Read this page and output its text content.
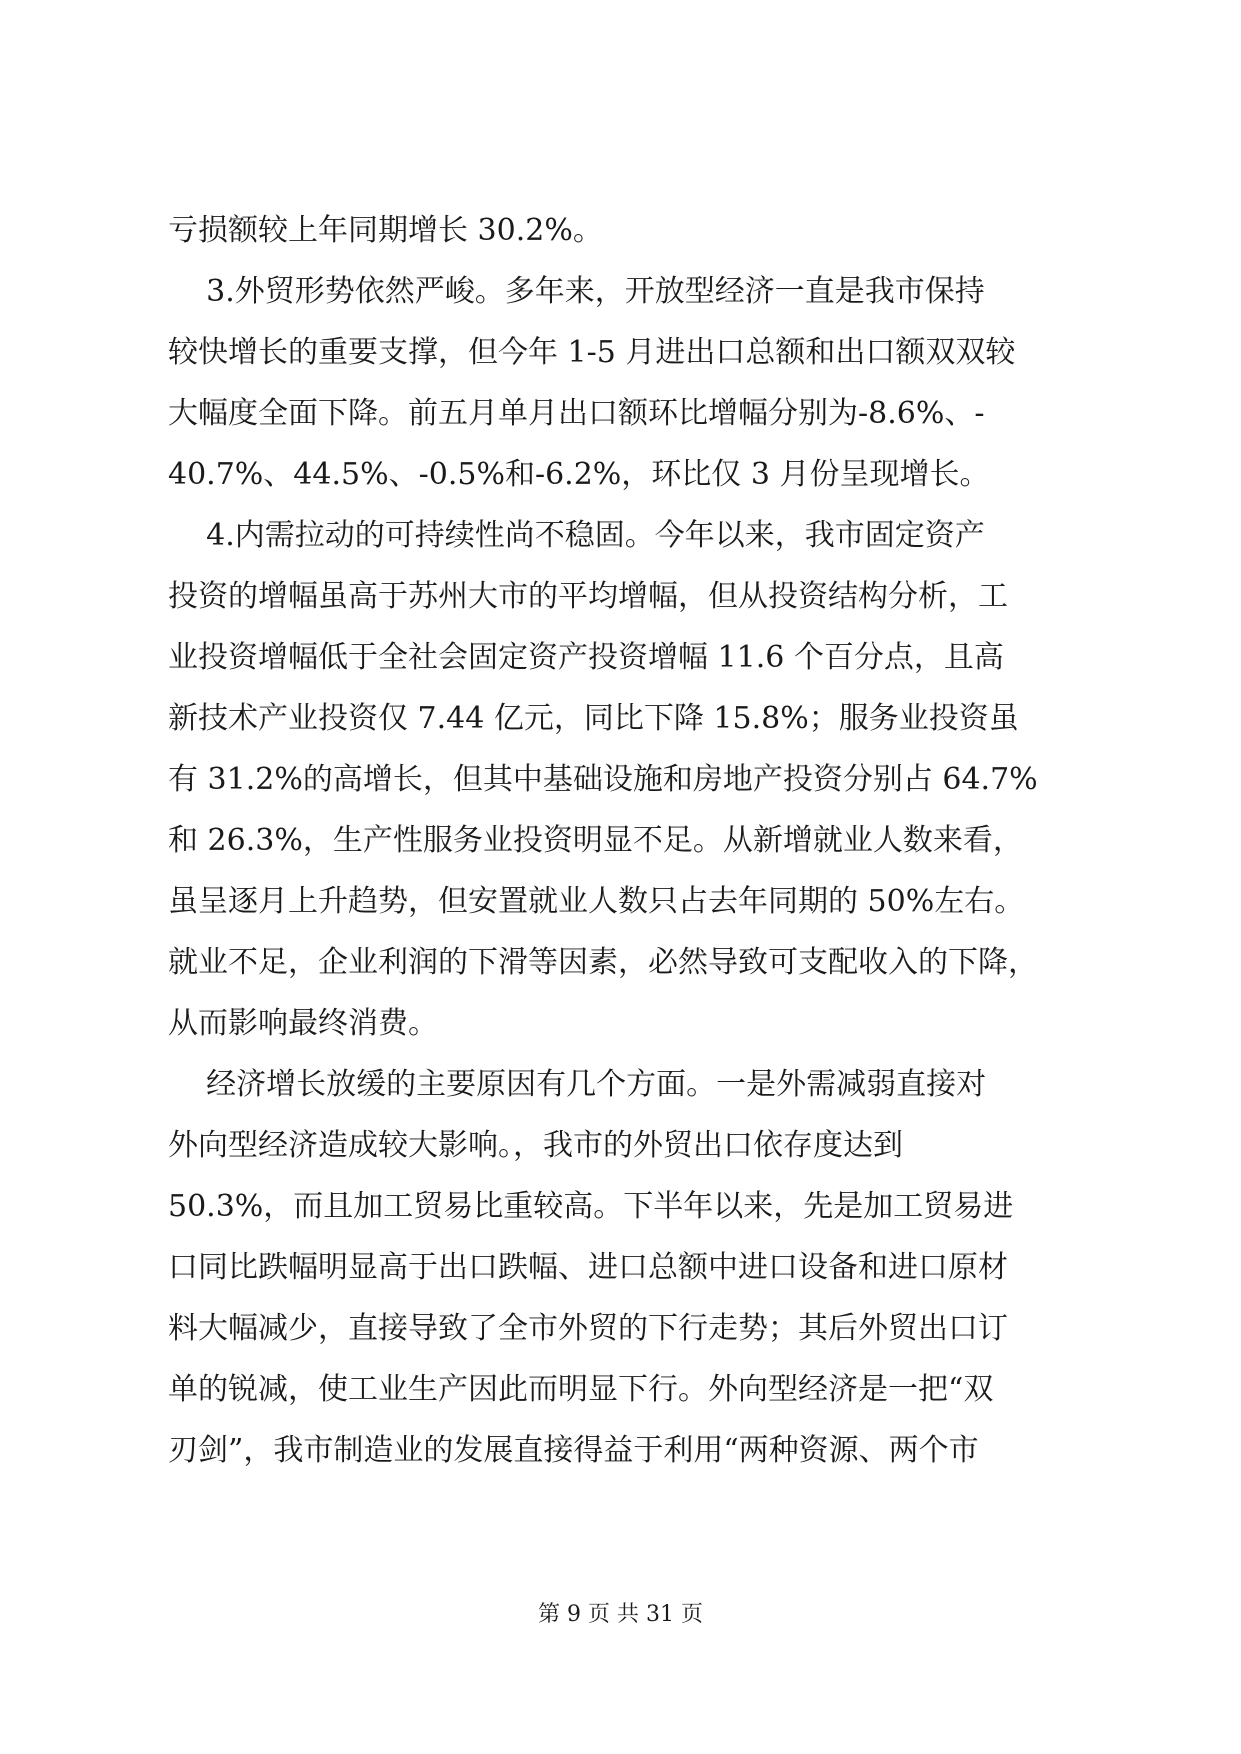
亏损额较上年同期增长 30.2%。
3.外贸形势依然严峻。多年来，开放型经济一直是我市保持
较快增长的重要支撑，但今年 1-5 月进出口总额和出口额双双较
大幅度全面下降。前五月单月出口额环比增幅分别为-8.6%、-
40.7%、44.5%、-0.5%和-6.2%，环比仅 3 月份呈现增长。
4.内需拉动的可持续性尚不稳固。今年以来，我市固定资产
投资的增幅虽高于苏州大市的平均增幅，但从投资结构分析，工
业投资增幅低于全社会固定资产投资增幅 11.6 个百分点，且高
新技术产业投资仅 7.44 亿元，同比下降 15.8%；服务业投资虽
有 31.2%的高增长，但其中基础设施和房地产投资分别占 64.7%
和 26.3%，生产性服务业投资明显不足。从新增就业人数来看，
虽呈逐月上升趋势，但安置就业人数只占去年同期的 50%左右。
就业不足，企业利润的下滑等因素，必然导致可支配收入的下降，
从而影响最终消费。
经济增长放缓的主要原因有几个方面。一是外需减弱直接对
外向型经济造成较大影响。，我市的外贸出口依存度达到
50.3%，而且加工贸易比重较高。下半年以来，先是加工贸易进
口同比跌幅明显高于出口跌幅、进口总额中进口设备和进口原材
料大幅减少，直接导致了全市外贸的下行走势；其后外贸出口订
单的锐减，使工业生产因此而明显下行。外向型经济是一把“双
刃剑”，我市制造业的发展直接得益于利用“两种资源、两个市
第 9 页 共 31 页
